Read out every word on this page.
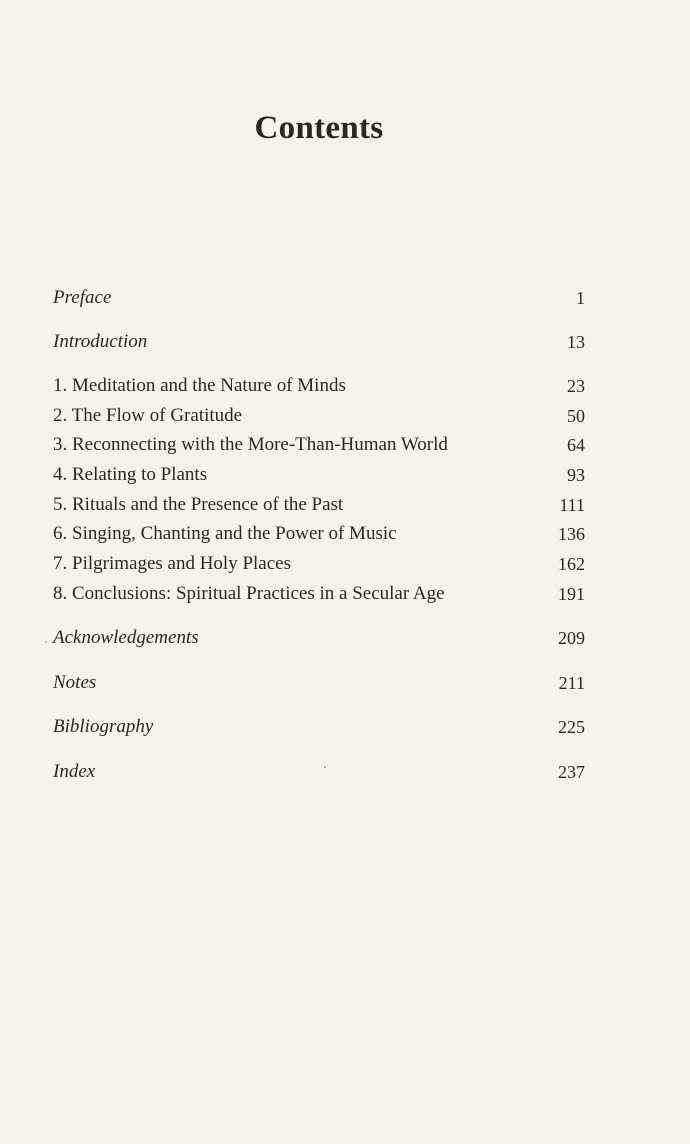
Contents
Preface	1
Introduction	13
1. Meditation and the Nature of Minds	23
2. The Flow of Gratitude	50
3. Reconnecting with the More-Than-Human World	64
4. Relating to Plants	93
5. Rituals and the Presence of the Past	111
6. Singing, Chanting and the Power of Music	136
7. Pilgrimages and Holy Places	162
8. Conclusions: Spiritual Practices in a Secular Age	191
Acknowledgements	209
Notes	211
Bibliography	225
Index	237
